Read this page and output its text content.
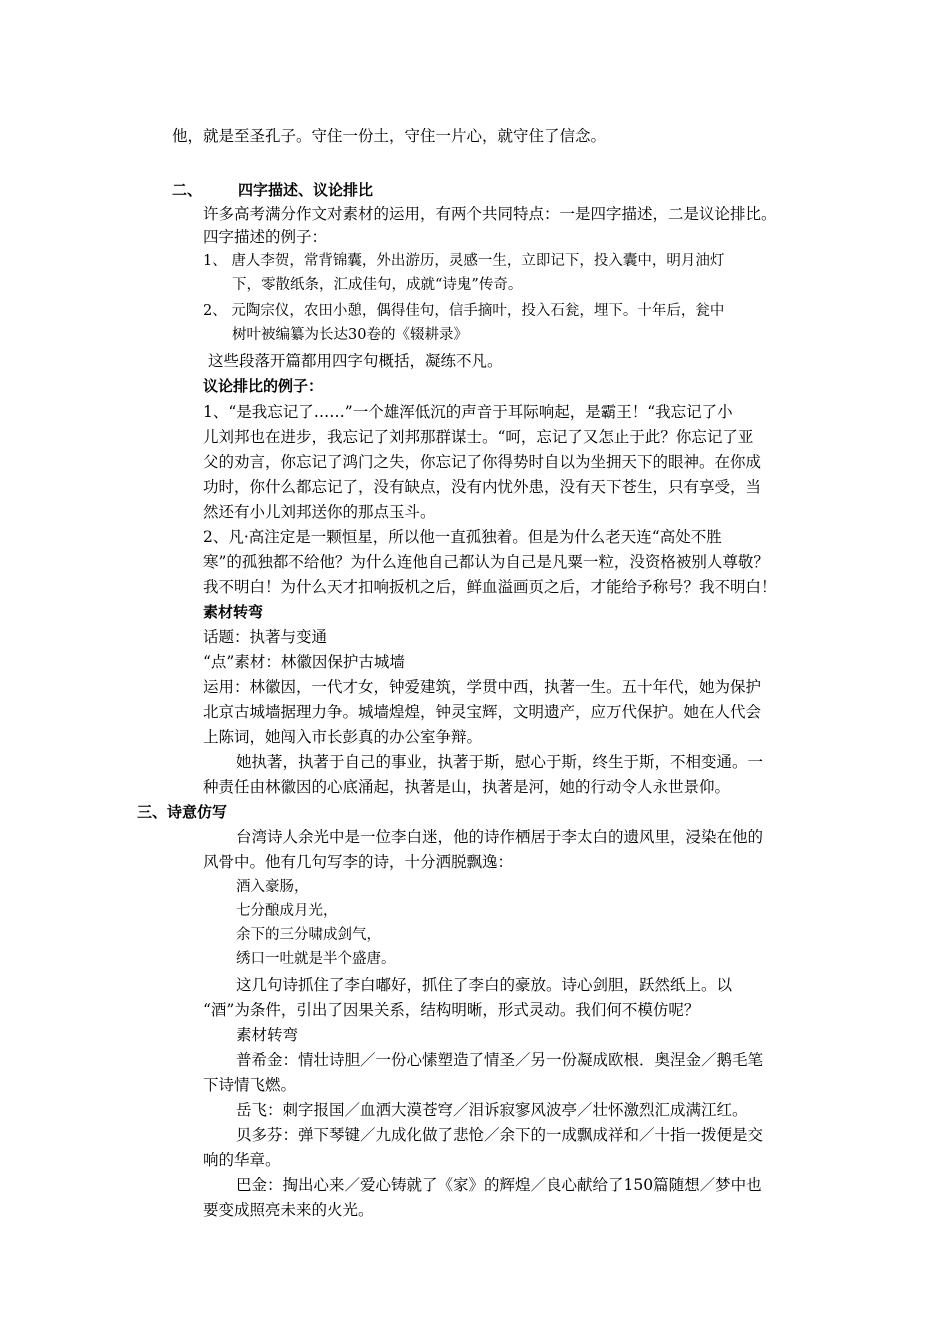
他，就是至圣孔子。守住一份土，守住一片心，就守住了信念。
二、 四字描述、议论排比
许多高考满分作文对素材的运用，有两个共同特点：一是四字描述，二是议论排比。
四字描述的例子：
1、 唐人李贺，常背锦囊，外出游历，灵感一生，立即记下，投入囊中，明月油灯
下，零散纸条，汇成佳句，成就“诗鬼”传奇。
2、 元陶宗仪，农田小憩，偶得佳句，信手摘叶，投入石瓮，埋下。十年后，瓮中
树叶被编纂为长达30卷的《辍耕录》
这些段落开篇都用四字句概括，凝练不凡。
议论排比的例子：
1、“是我忘记了……”一个雄浑低沉的声音于耳际响起，是霸王！“我忘记了小
儿刘邦也在进步，我忘记了刘邦那群谋士。“呵，忘记了又怎止于此？你忘记了亚
父的劝言，你忘记了鸿门之失，你忘记了你得势时自以为坐拥天下的眼神。在你成
功时，你什么都忘记了，没有缺点，没有内忧外患，没有天下苍生，只有享受，当
然还有小儿刘邦送你的那点玉斗。
2、凡·高注定是一颗恒星，所以他一直孤独着。但是为什么老天连“高处不胜
寒”的孤独都不给他？为什么连他自己都认为自己是凡粟一粒，没资格被别人尊敬？
我不明白！为什么天才扣响扳机之后，鲜血溢画页之后，才能给予称号？我不明白！
素材转弯
话题：执著与变通
“点”素材：林徽因保护古城墙
运用：林徽因，一代才女，钟爱建筑，学贯中西，执著一生。五十年代，她为保护
北京古城墙据理力争。城墙煌煌，钟灵宝辉，文明遗产，应万代保护。她在人代会
上陈词，她闯入市长彭真的办公室争辩。
她执著，执著于自己的事业，执著于斯，慰心于斯，终生于斯，不相变通。一
种责任由林徽因的心底涌起，执著是山，执著是河，她的行动令人永世景仰。
三、诗意仿写
台湾诗人余光中是一位李白迷，他的诗作栖居于李太白的遗风里，浸染在他的
风骨中。他有几句写李的诗，十分洒脱飘逸：
酒入豪肠，
七分酿成月光，
余下的三分啸成剑气，
绣口一吐就是半个盛唐。
这几句诗抓住了李白嘟好，抓住了李白的豪放。诗心剑胆，跃然纸上。以
“酒”为条件，引出了因果关系，结构明晰，形式灵动。我们何不模仿呢？
素材转弯
普希金：情壮诗胆／一份心愫塑造了情圣／另一份凝成欧根．奥涅金／鹅毛笔
下诗情飞燃。
岳飞：刺字报国／血洒大漠苍穹／泪诉寂寥风波亭／壮怀激烈汇成满江红。
贝多芬：弹下琴键／九成化做了悲怆／余下的一成飘成祥和／十指一拨便是交
响的华章。
巴金：掏出心来／爱心铸就了《家》的辉煌／良心献给了150篇随想／梦中也
要变成照亮未来的火光。
